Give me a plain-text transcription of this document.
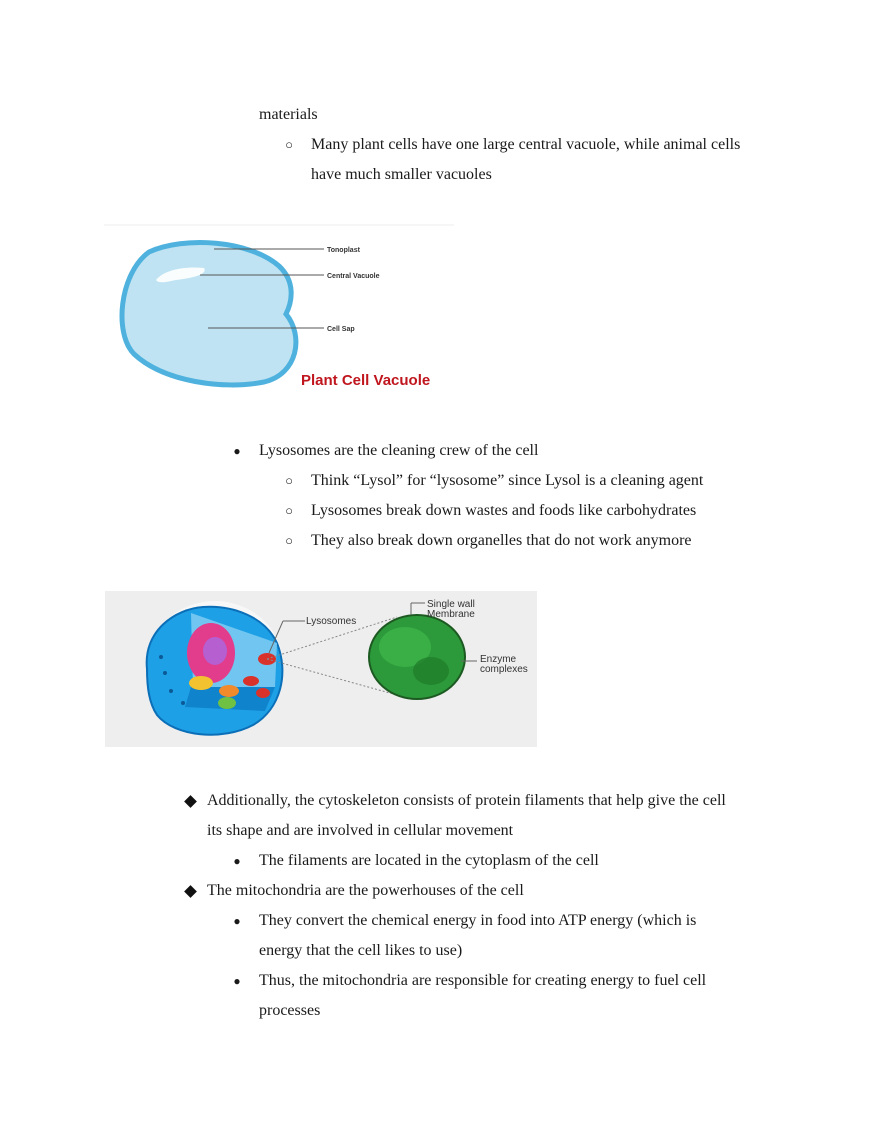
materials
○ Many plant cells have one large central vacuole, while animal cells
have much smaller vacuoles
Tonoplast
Central Vacuole
Cell Sap
Plant Cell Vacuole
● Lysosomes are the cleaning crew of the cell
○ Think “Lysol” for “lysosome” since Lysol is a cleaning agent
○ Lysosomes break down wastes and foods like carbohydrates
○ They also break down organelles that do not work anymore
Lysosomes
Single wall
Membrane
Enzyme
complexes
Additionally, the cytoskeleton consists of protein filaments that help give the cell
its shape and are involved in cellular movement
● The filaments are located in the cytoplasm of the cell
The mitochondria are the powerhouses of the cell
● They convert the chemical energy in food into ATP energy (which is
energy that the cell likes to use)
● Thus, the mitochondria are responsible for creating energy to fuel cell
processes
